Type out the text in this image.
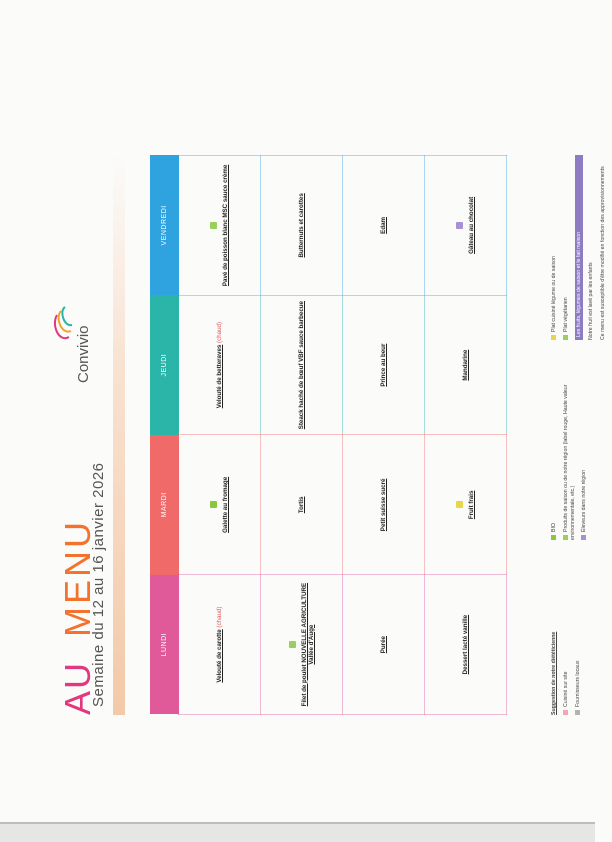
AU
MENU
Semaine du 12 au 16 janvier 2026
Convivio
LUNDI	MARDI	JEUDI	VENDREDI
Velouté de carotte (chaud)	Galette au fromage	Velouté de betteraves (chaud)	Pavé de poisson blanc MSC sauce crème

Filet de poulet NOUVELLE AGRICULTURE Vallée d'Auge	Tortis	Steack haché de bœuf VBF sauce barbecue	Butternuts et carottes
Purée	Petit suisse sucré	Prince au beur	Edam
Dessert lacté vanille	Fruit frais	Mandarine	Gâteau au chocolat
Suggestion de notre diététicienne Cuisiné sur site Fournisseurs locaux
BIO Produits de saison ou de notre région (label rouge, Haute valeur environnementale, etc.) Éleveurs dans notre région
Plat cuisiné légume ou de saison Plat végétarien Les fruits, légumes de saison et le fait maison	Notre fruit est lavé par les enfants Ce menu est susceptible d'être modifié en fonction des approvisionnements
